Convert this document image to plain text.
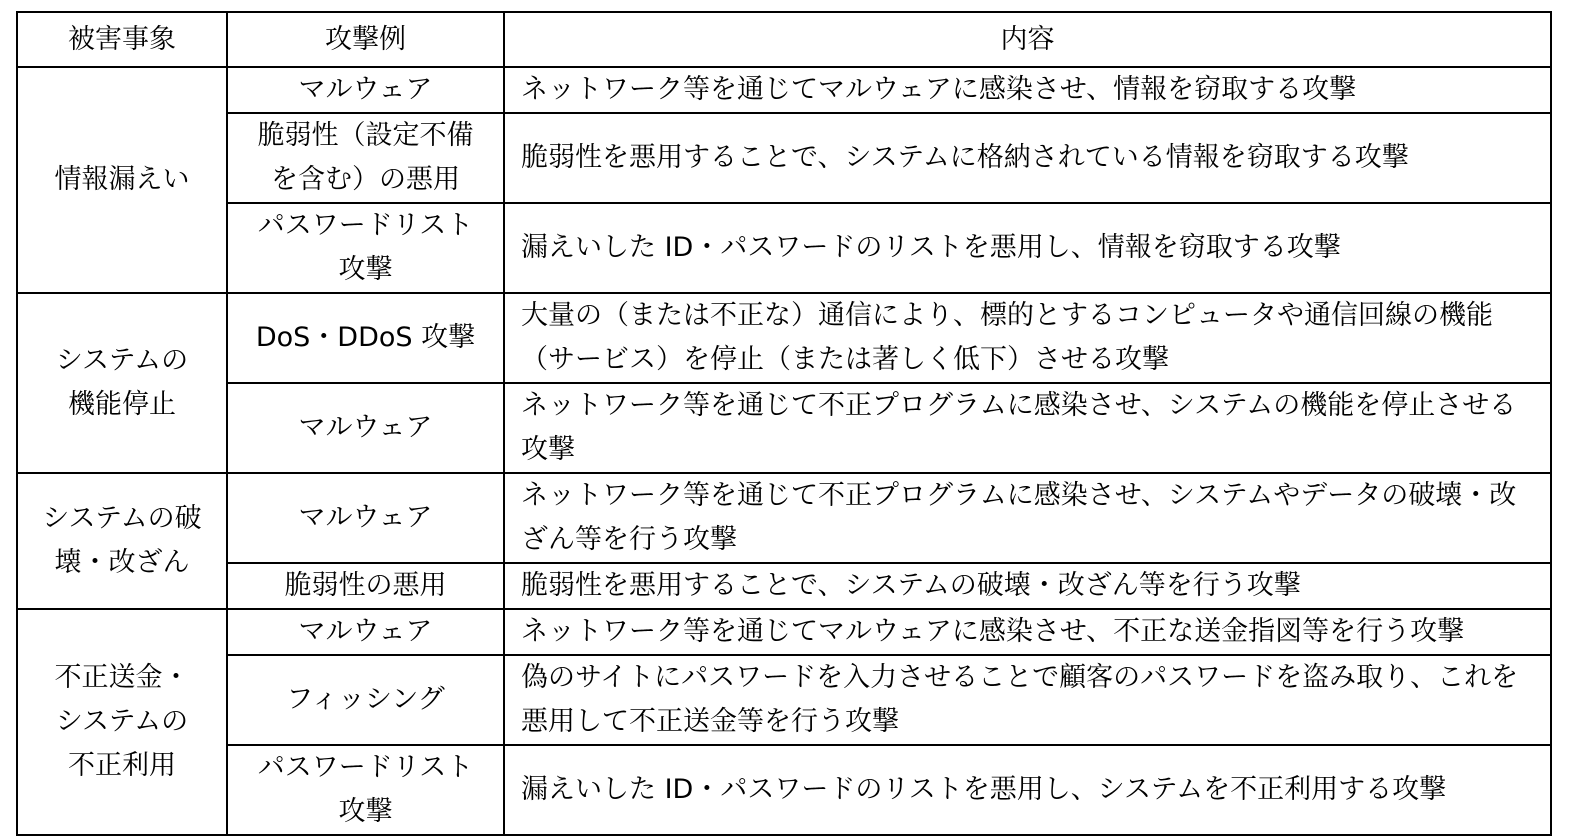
被害事象	攻撃例	内容

情報漏えい	マルウェア	ネットワーク等を通じてマルウェアに感染させ、情報を窃取する攻撃

	脆弱性（設定不備を含む）の悪用	脆弱性を悪用することで、システムに格納されている情報を窃取する攻撃

	パスワードリスト攻撃	漏えいした ID・パスワードのリストを悪用し、情報を窃取する攻撃

システムの機能停止	DoS・DDoS 攻撃	大量の（または不正な）通信により、標的とするコンピュータや通信回線の機能（サービス）を停止（または著しく低下）させる攻撃
	マルウェア	ネットワーク等を通じて不正プログラムに感染させ、システムの機能を停止させる攻撃

システムの破壊・改ざん	マルウェア	ネットワーク等を通じて不正プログラムに感染させ、システムやデータの破壊・改ざん等を行う攻撃
	脆弱性の悪用	脆弱性を悪用することで、システムの破壊・改ざん等を行う攻撃

不正送金・システムの不正利用	マルウェア	ネットワーク等を通じてマルウェアに感染させ、不正な送金指図等を行う攻撃
	フィッシング	偽のサイトにパスワードを入力させることで顧客のパスワードを盗み取り、これを悪用して不正送金等を行う攻撃

	パスワードリスト攻撃	漏えいした ID・パスワードのリストを悪用し、システムを不正利用する攻撃
